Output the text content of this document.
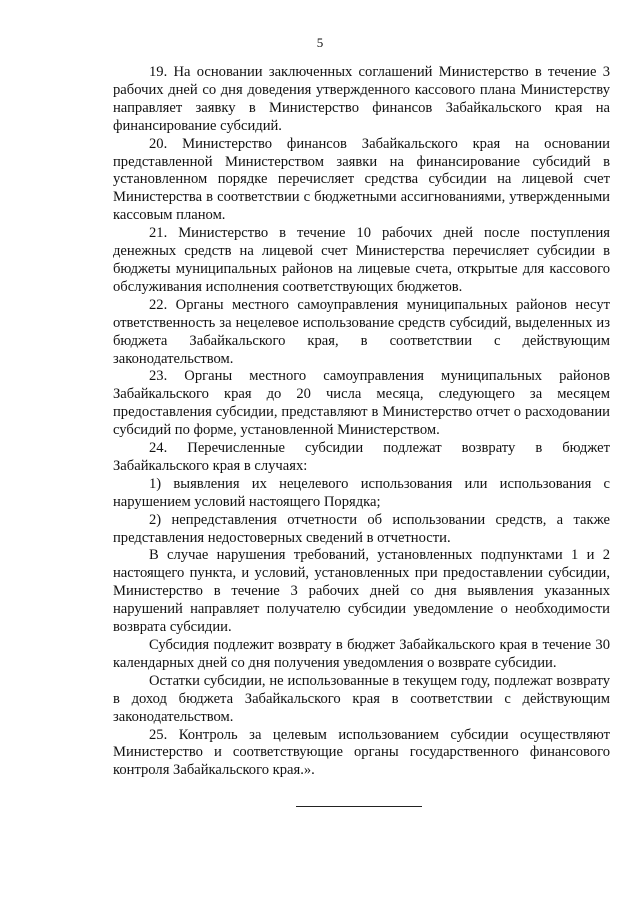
5

19. На основании заключенных соглашений Министерство в течение 3 рабочих дней со дня доведения утвержденного кассового плана Министерству направляет заявку в Министерство финансов Забайкальского края на финансирование субсидий.

20. Министерство финансов Забайкальского края на основании представленной Министерством заявки на финансирование субсидий в установленном порядке перечисляет средства субсидии на лицевой счет Министерства в соответствии с бюджетными ассигнованиями, утвержденными кассовым планом.

21. Министерство в течение 10 рабочих дней после поступления денежных средств на лицевой счет Министерства перечисляет субсидии в бюджеты муниципальных районов на лицевые счета, открытые для кассового обслуживания исполнения соответствующих бюджетов.

22. Органы местного самоуправления муниципальных районов несут ответственность за нецелевое использование средств субсидий, выделенных из бюджета Забайкальского края, в соответствии с действующим законодательством.

23. Органы местного самоуправления муниципальных районов Забайкальского края до 20 числа месяца, следующего за месяцем предоставления субсидии, представляют в Министерство отчет о расходовании субсидий по форме, установленной Министерством.

24. Перечисленные субсидии подлежат возврату в бюджет Забайкальского края в случаях:

1) выявления их нецелевого использования или использования с нарушением условий настоящего Порядка;

2) непредставления отчетности об использовании средств, а также представления недостоверных сведений в отчетности.

В случае нарушения требований, установленных подпунктами 1 и 2 настоящего пункта, и условий, установленных при предоставлении субсидии, Министерство в течение 3 рабочих дней со дня выявления указанных нарушений направляет получателю субсидии уведомление о необходимости возврата субсидии.

Субсидия подлежит возврату в бюджет Забайкальского края в течение 30 календарных дней со дня получения уведомления о возврате субсидии.

Остатки субсидии, не использованные в текущем году, подлежат возврату в доход бюджета Забайкальского края в соответствии с действующим законодательством.

25. Контроль за целевым использованием субсидии осуществляют Министерство и соответствующие органы государственного финансового контроля Забайкальского края.».
